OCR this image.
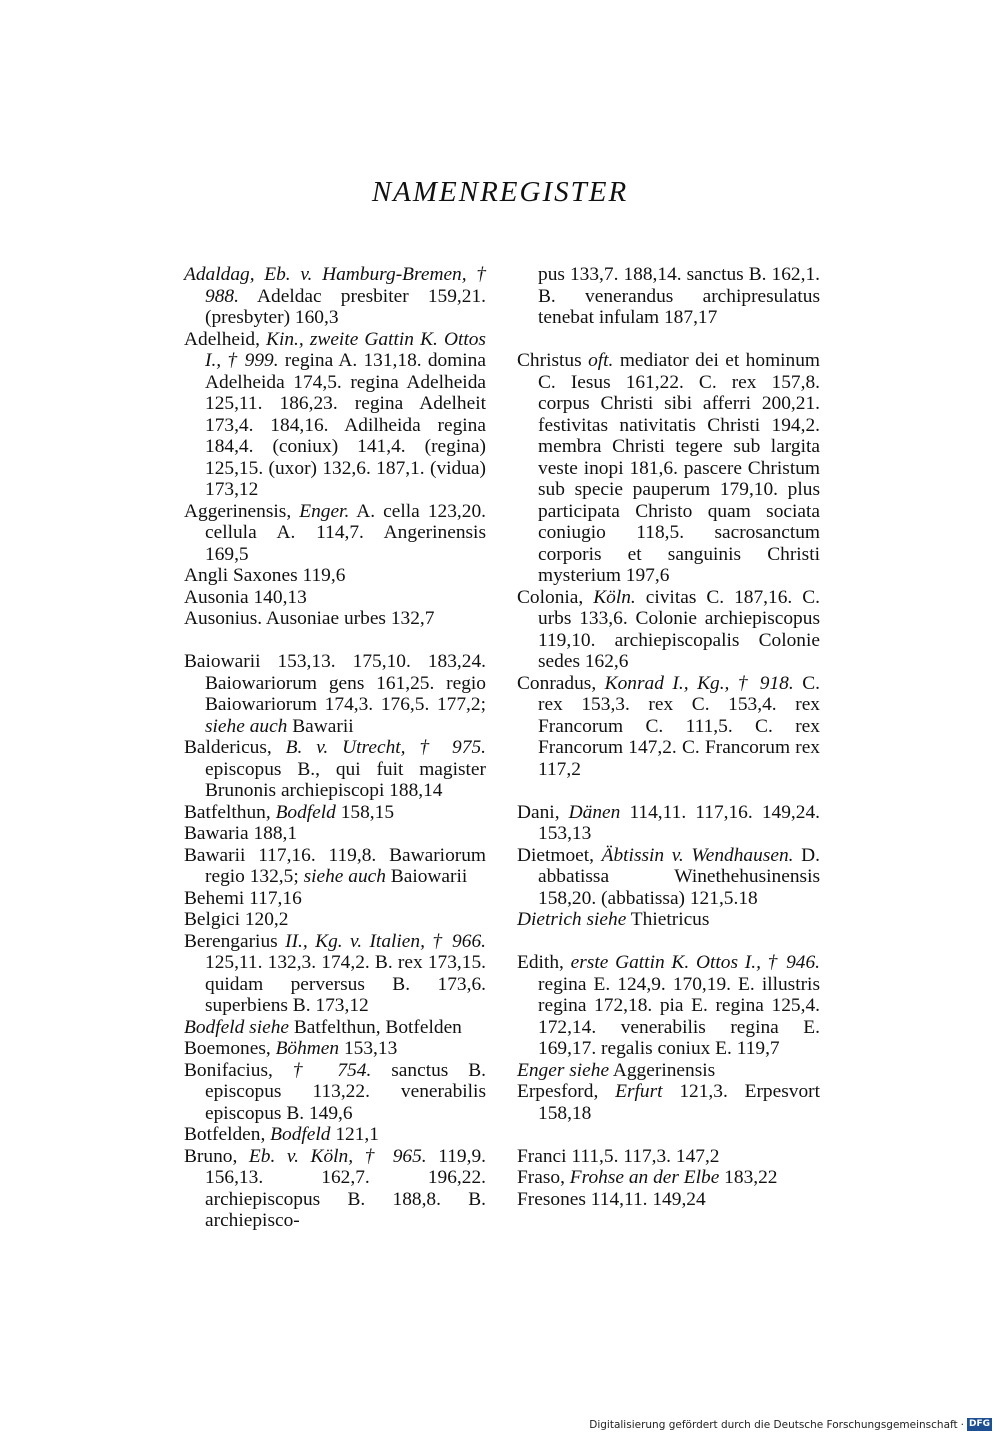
NAMENREGISTER
Adaldag, Eb. v. Hamburg-Bremen, † 988. Adeldac presbiter 159,21. (presbyter) 160,3
Adelheid, Kin., zweite Gattin K. Ottos I., † 999. regina A. 131,18. domina Adelheida 174,5. regina Adelheida 125,11. 186,23. regina Adelheit 173,4. 184,16. Adilheida regina 184,4. (coniux) 141,4. (regina) 125,15. (uxor) 132,6. 187,1. (vidua) 173,12
Aggerinensis, Enger. A. cella 123,20. cellula A. 114,7. Angerinensis 169,5
Angli Saxones 119,6
Ausonia 140,13
Ausonius. Ausoniae urbes 132,7
Baiowarii 153,13. 175,10. 183,24. Baiowariorum gens 161,25. regio Baiowariorum 174,3. 176,5. 177,2; siehe auch Bawarii
Baldericus, B. v. Utrecht, † 975. episcopus B., qui fuit magister Brunonis archiepiscopi 188,14
Batfelthun, Bodfeld 158,15
Bawaria 188,1
Bawarii 117,16. 119,8. Bawariorum regio 132,5; siehe auch Baiowarii
Behemi 117,16
Belgici 120,2
Berengarius II., Kg. v. Italien, † 966. 125,11. 132,3. 174,2. B. rex 173,15. quidam perversus B. 173,6. superbiens B. 173,12
Bodfeld siehe Batfelthun, Botfelden
Boemones, Böhmen 153,13
Bonifacius, † 754. sanctus B. episcopus 113,22. venerabilis episcopus B. 149,6
Botfelden, Bodfeld 121,1
Bruno, Eb. v. Köln, † 965. 119,9. 156,13. 162,7. 196,22. archiepiscopus B. 188,8. B. archiepisco-
pus 133,7. 188,14. sanctus B. 162,1. B. venerandus archipresulatus tenebat infulam 187,17
Christus oft. mediator dei et hominum C. Iesus 161,22. C. rex 157,8. corpus Christi sibi afferri 200,21. festivitas nativitatis Christi 194,2. membra Christi tegere sub largita veste inopi 181,6. pascere Christum sub specie pauperum 179,10. plus participata Christo quam sociata coniugio 118,5. sacrosanctum corporis et sanguinis Christi mysterium 197,6
Colonia, Köln. civitas C. 187,16. C. urbs 133,6. Colonie archiepiscopus 119,10. archiepiscopalis Colonie sedes 162,6
Conradus, Konrad I., Kg., † 918. C. rex 153,3. rex C. 153,4. rex Francorum C. 111,5. C. rex Francorum 147,2. C. Francorum rex 117,2
Dani, Dänen 114,11. 117,16. 149,24. 153,13
Dietmoet, Äbtissin v. Wendhausen. D. abbatissa Winethehusinensis 158,20. (abbatissa) 121,5.18
Dietrich siehe Thietricus
Edith, erste Gattin K. Ottos I., † 946. regina E. 124,9. 170,19. E. illustris regina 172,18. pia E. regina 125,4. 172,14. venerabilis regina E. 169,17. regalis coniux E. 119,7
Enger siehe Aggerinensis
Erpesford, Erfurt 121,3. Erpesvort 158,18
Franci 111,5. 117,3. 147,2
Fraso, Frohse an der Elbe 183,22
Fresones 114,11. 149,24
Digitalisierung gefördert durch die Deutsche Forschungsgemeinschaft · DFG
